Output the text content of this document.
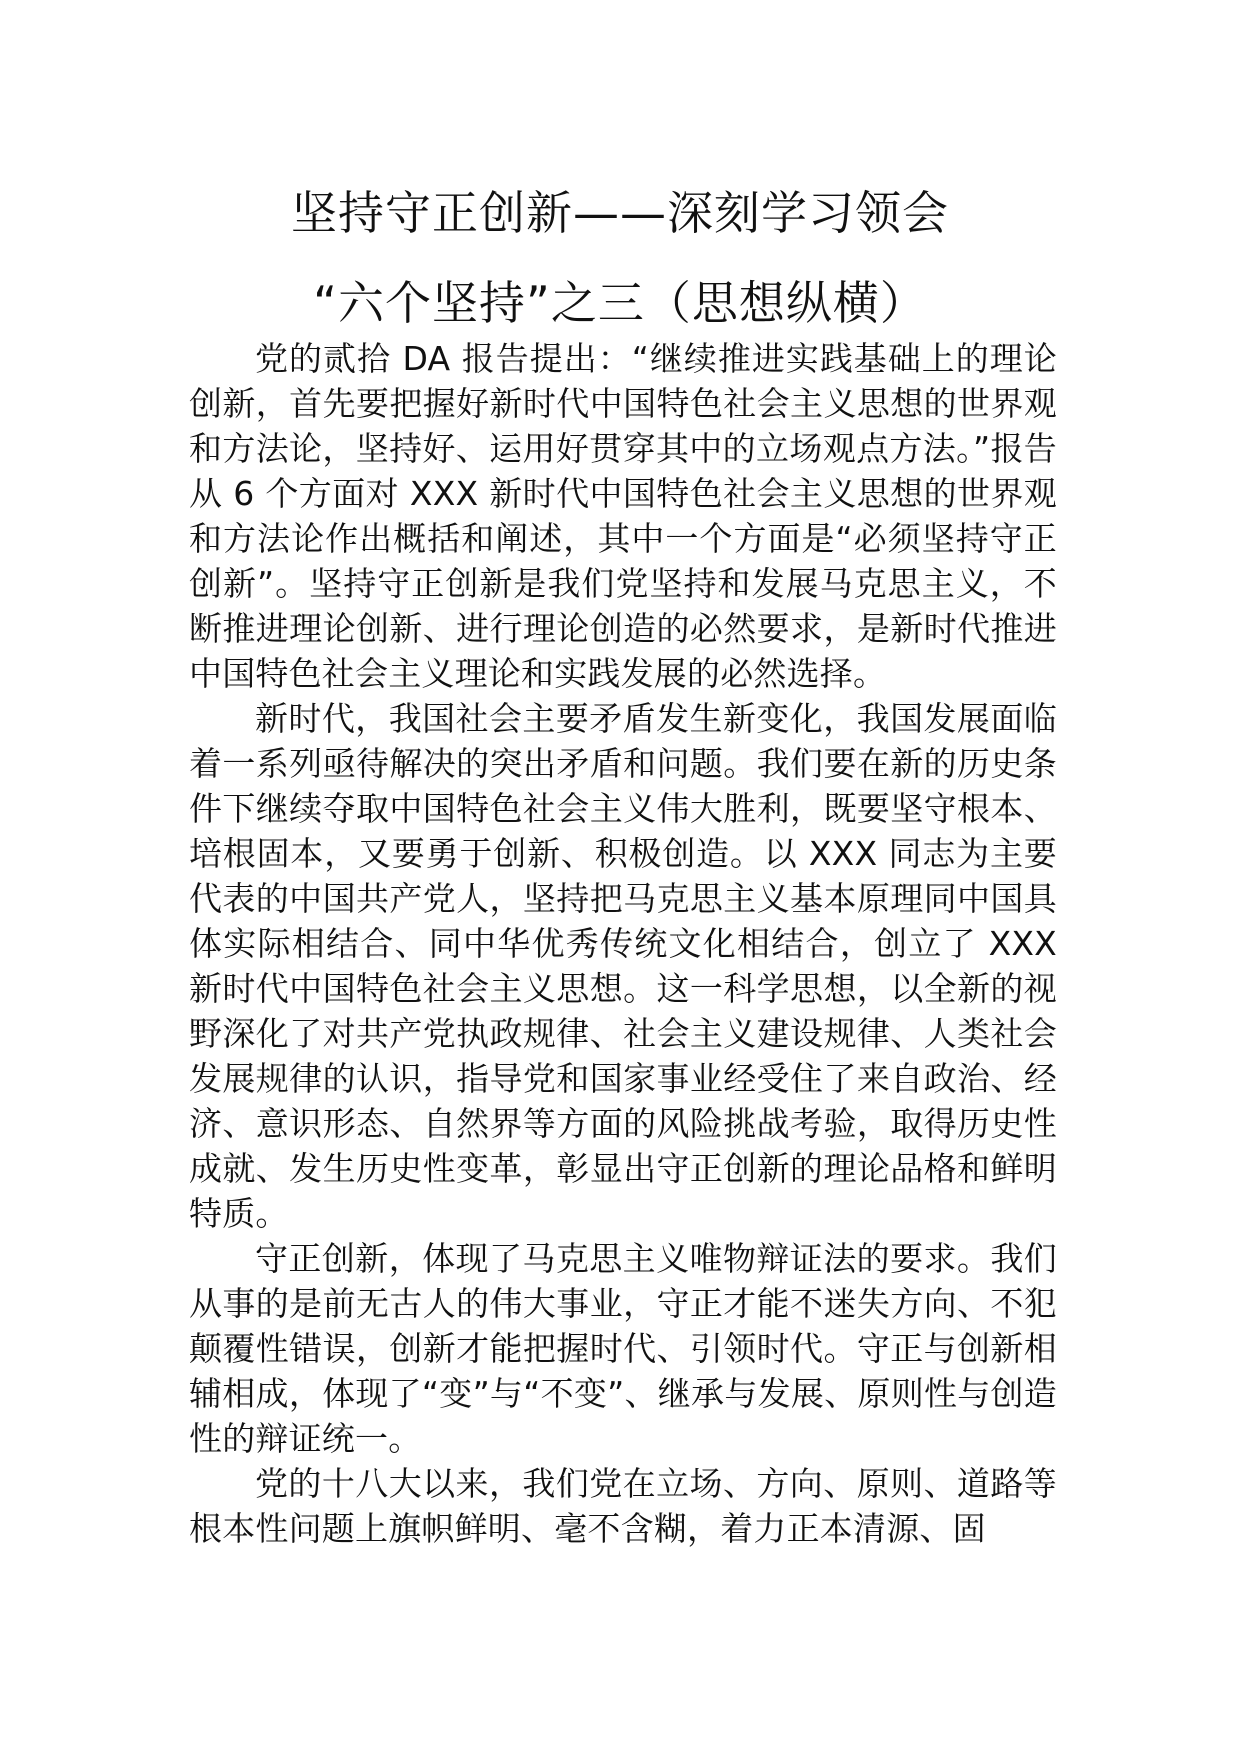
坚持守正创新——深刻学习领会
“六个坚持”之三（思想纵横）

党的贰拾 DA 报告提出：“继续推进实践基础上的理论创新，首先要把握好新时代中国特色社会主义思想的世界观和方法论，坚持好、运用好贯穿其中的立场观点方法。”报告从 6 个方面对 XXX 新时代中国特色社会主义思想的世界观和方法论作出概括和阐述，其中一个方面是“必须坚持守正创新”。坚持守正创新是我们党坚持和发展马克思主义，不断推进理论创新、进行理论创造的必然要求，是新时代推进中国特色社会主义理论和实践发展的必然选择。

新时代，我国社会主要矛盾发生新变化，我国发展面临着一系列亟待解决的突出矛盾和问题。我们要在新的历史条件下继续夺取中国特色社会主义伟大胜利，既要坚守根本、培根固本，又要勇于创新、积极创造。以 XXX 同志为主要代表的中国共产党人，坚持把马克思主义基本原理同中国具体实际相结合、同中华优秀传统文化相结合，创立了 XXX 新时代中国特色社会主义思想。这一科学思想，以全新的视野深化了对共产党执政规律、社会主义建设规律、人类社会发展规律的认识，指导党和国家事业经受住了来自政治、经济、意识形态、自然界等方面的风险挑战考验，取得历史性成就、发生历史性变革，彰显出守正创新的理论品格和鲜明特质。

守正创新，体现了马克思主义唯物辩证法的要求。我们从事的是前无古人的伟大事业，守正才能不迷失方向、不犯颠覆性错误，创新才能把握时代、引领时代。守正与创新相辅相成，体现了“变”与“不变”、继承与发展、原则性与创造性的辩证统一。

党的十八大以来，我们党在立场、方向、原则、道路等根本性问题上旗帜鲜明、毫不含糊，着力正本清源、固
